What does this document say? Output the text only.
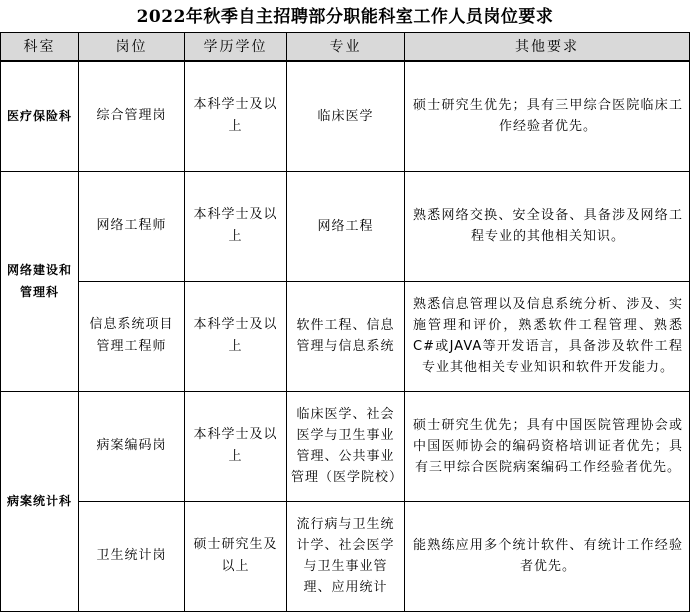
2022年秋季自主招聘部分职能科室工作人员岗位要求
科室	岗位	学历学位	专业	其他要求
医疗保险科	综合管理岗	本科学士及以上	临床医学	硕士研究生优先；具有三甲综合医院临床工作经验者优先。
网络建设和管理科	网络工程师	本科学士及以上	网络工程	熟悉网络交换、安全设备、具备涉及网络工程专业的其他相关知识。
	信息系统项目管理工程师	本科学士及以上	软件工程、信息管理与信息系统	熟悉信息管理以及信息系统分析、涉及、实施管理和评价，熟悉软件工程管理、熟悉C#或JAVA等开发语言，具备涉及软件工程专业其他相关专业知识和软件开发能力。
病案统计科	病案编码岗	本科学士及以上	临床医学、社会医学与卫生事业管理、公共事业管理（医学院校）	硕士研究生优先；具有中国医院管理协会或中国医师协会的编码资格培训证者优先；具有三甲综合医院病案编码工作经验者优先。
	卫生统计岗	硕士研究生及以上	流行病与卫生统计学、社会医学与卫生事业管理、应用统计	能熟练应用多个统计软件、有统计工作经验者优先。
